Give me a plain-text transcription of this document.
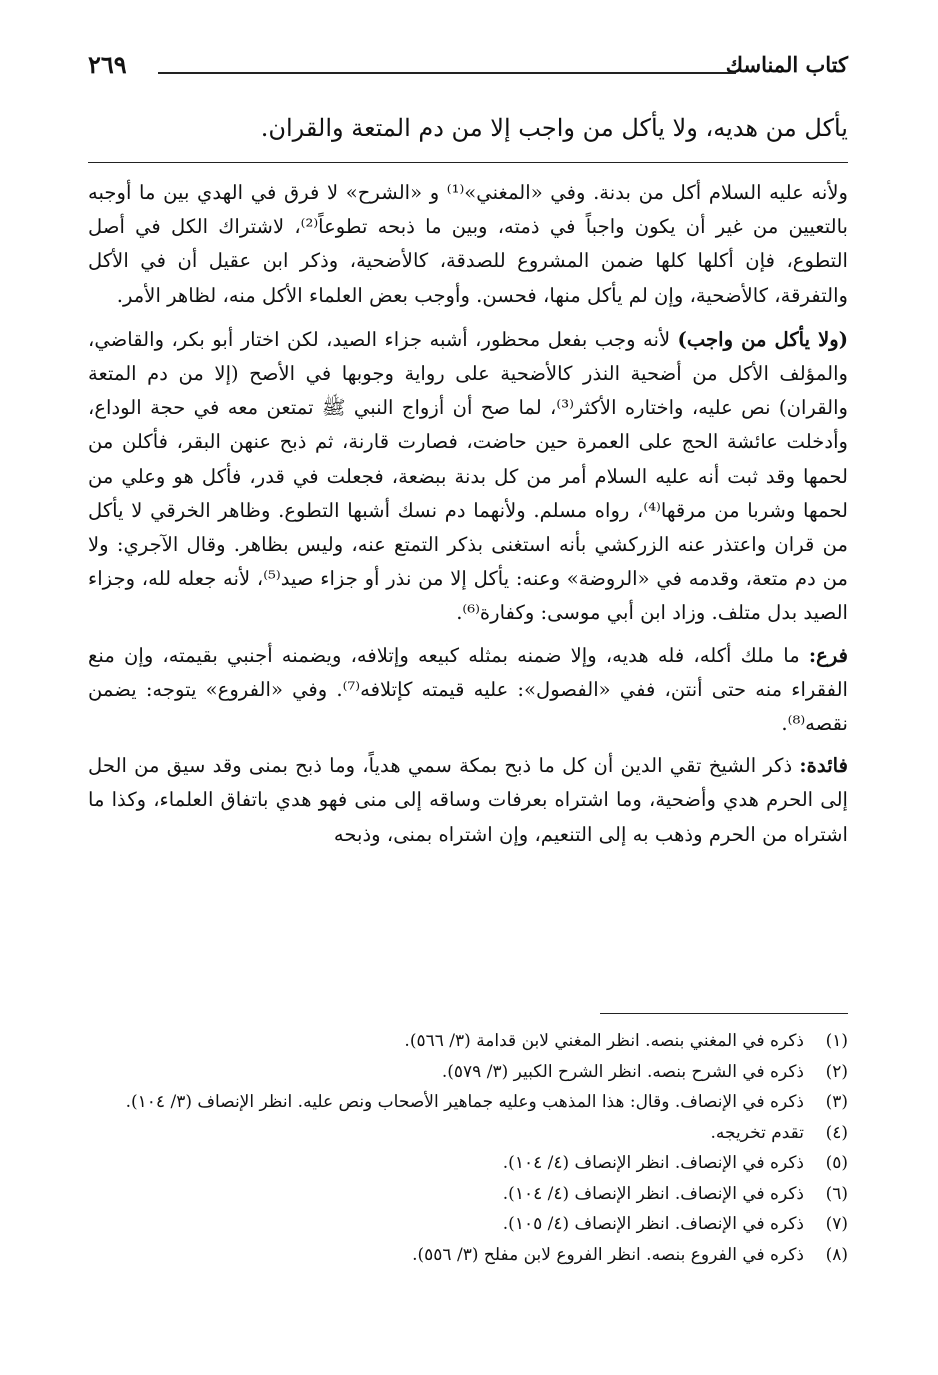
كتاب المناسك
٢٦٩
يأكل من هديه، ولا يأكل من واجب إلا من دم المتعة والقران.

ولأنه عليه السلام أكل من بدنة. وفي «المغني»⁽¹⁾ و «الشرح» لا فرق في الهدي بين ما أوجبه بالتعيين من غير أن يكون واجباً في ذمته، وبين ما ذبحه تطوعاً⁽²⁾، لاشتراك الكل في أصل التطوع، فإن أكلها كلها ضمن المشروع للصدقة، كالأضحية، وذكر ابن عقيل أن في الأكل والتفرقة، كالأضحية، وإن لم يأكل منها، فحسن. وأوجب بعض العلماء الأكل منه، لظاهر الأمر.

(ولا يأكل من واجب) لأنه وجب بفعل محظور، أشبه جزاء الصيد، لكن اختار أبو بكر، والقاضي، والمؤلف الأكل من أضحية النذر كالأضحية على رواية وجوبها في الأصح (إلا من دم المتعة والقران) نص عليه، واختاره الأكثر⁽³⁾، لما صح أن أزواج النبي ﷺ تمتعن معه في حجة الوداع، وأدخلت عائشة الحج على العمرة حين حاضت، فصارت قارنة، ثم ذبح عنهن البقر، فأكلن من لحمها وقد ثبت أنه عليه السلام أمر من كل بدنة ببضعة، فجعلت في قدر، فأكل هو وعلي من لحمها وشربا من مرقها⁽⁴⁾، رواه مسلم. ولأنهما دم نسك أشبها التطوع. وظاهر الخرقي لا يأكل من قران واعتذر عنه الزركشي بأنه استغنى بذكر التمتع عنه، وليس بظاهر. وقال الآجري: ولا من دم متعة، وقدمه في «الروضة» وعنه: يأكل إلا من نذر أو جزاء صيد⁽⁵⁾، لأنه جعله لله، وجزاء الصيد بدل متلف. وزاد ابن أبي موسى: وكفارة⁽⁶⁾.

فرع: ما ملك أكله، فله هديه، وإلا ضمنه بمثله كبيعه وإتلافه، ويضمنه أجنبي بقيمته، وإن منع الفقراء منه حتى أنتن، ففي «الفصول»: عليه قيمته كإتلافه⁽⁷⁾. وفي «الفروع» يتوجه: يضمن نقصه⁽⁸⁾.

فائدة: ذكر الشيخ تقي الدين أن كل ما ذبح بمكة سمي هدياً، وما ذبح بمنى وقد سيق من الحل إلى الحرم هدي وأضحية، وما اشتراه بعرفات وساقه إلى منى فهو هدي باتفاق العلماء، وكذا ما اشتراه من الحرم وذهب به إلى التنعيم، وإن اشتراه بمنى، وذبحه

(١)
ذكره في المغني بنصه. انظر المغني لابن قدامة (٣/ ٥٦٦).
(٢)
ذكره في الشرح بنصه. انظر الشرح الكبير (٣/ ٥٧٩).
(٣)
ذكره في الإنصاف. وقال: هذا المذهب وعليه جماهير الأصحاب ونص عليه. انظر الإنصاف (٣/ ١٠٤).
(٤)
تقدم تخريجه.
(٥)
ذكره في الإنصاف. انظر الإنصاف (٤/ ١٠٤).
(٦)
ذكره في الإنصاف. انظر الإنصاف (٤/ ١٠٤).
(٧)
ذكره في الإنصاف. انظر الإنصاف (٤/ ١٠٥).
(٨)
ذكره في الفروع بنصه. انظر الفروع لابن مفلح (٣/ ٥٥٦).
